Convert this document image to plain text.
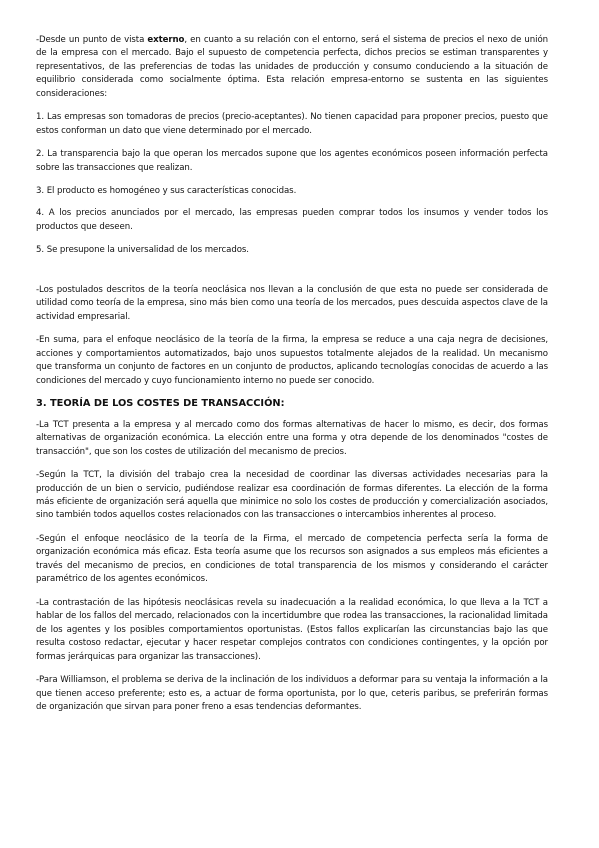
-Desde un punto de vista externo, en cuanto a su relación con el entorno, será el sistema de precios el nexo de unión de la empresa con el mercado. Bajo el supuesto de competencia perfecta, dichos precios se estiman transparentes y representativos, de las preferencias de todas las unidades de producción y consumo conduciendo a la situación de equilibrio considerada como socialmente óptima. Esta relación empresa-entorno se sustenta en las siguientes consideraciones:

1. Las empresas son tomadoras de precios (precio-aceptantes). No tienen capacidad para proponer precios, puesto que estos conforman un dato que viene determinado por el mercado.

2. La transparencia bajo la que operan los mercados supone que los agentes económicos poseen información perfecta sobre las transacciones que realizan.

3. El producto es homogéneo y sus características conocidas.

4. A los precios anunciados por el mercado, las empresas pueden comprar todos los insumos y vender todos los productos que deseen.

5. Se presupone la universalidad de los mercados.

-Los postulados descritos de la teoría neoclásica nos llevan a la conclusión de que esta no puede ser considerada de utilidad como teoría de la empresa, sino más bien como una teoría de los mercados, pues descuida aspectos clave de la actividad empresarial.

-En suma, para el enfoque neoclásico de la teoría de la firma, la empresa se reduce a una caja negra de decisiones, acciones y comportamientos automatizados, bajo unos supuestos totalmente alejados de la realidad. Un mecanismo que transforma un conjunto de factores en un conjunto de productos, aplicando tecnologías conocidas de acuerdo a las condiciones del mercado y cuyo funcionamiento interno no puede ser conocido.

3. TEORÍA DE LOS COSTES DE TRANSACCIÓN:

-La TCT presenta a la empresa y al mercado como dos formas alternativas de hacer lo mismo, es decir, dos formas alternativas de organización económica. La elección entre una forma y otra depende de los denominados "costes de transacción", que son los costes de utilización del mecanismo de precios.

-Según la TCT, la división del trabajo crea la necesidad de coordinar las diversas actividades necesarias para la producción de un bien o servicio, pudiéndose realizar esa coordinación de formas diferentes. La elección de la forma más eficiente de organización será aquella que minimice no solo los costes de producción y comercialización asociados, sino también todos aquellos costes relacionados con las transacciones o intercambios inherentes al proceso.

-Según el enfoque neoclásico de la teoría de la Firma, el mercado de competencia perfecta sería la forma de organización económica más eficaz. Esta teoría asume que los recursos son asignados a sus empleos más eficientes a través del mecanismo de precios, en condiciones de total transparencia de los mismos y considerando el carácter paramétrico de los agentes económicos.

-La contrastación de las hipótesis neoclásicas revela su inadecuación a la realidad económica, lo que lleva a la TCT a hablar de los fallos del mercado, relacionados con la incertidumbre que rodea las transacciones, la racionalidad limitada de los agentes y los posibles comportamientos oportunistas. (Estos fallos explicarían las circunstancias bajo las que resulta costoso redactar, ejecutar y hacer respetar complejos contratos con condiciones contingentes, y la opción por formas jerárquicas para organizar las transacciones).

-Para Williamson, el problema se deriva de la inclinación de los individuos a deformar para su ventaja la información a la que tienen acceso preferente; esto es, a actuar de forma oportunista, por lo que, ceteris paribus, se preferirán formas de organización que sirvan para poner freno a esas tendencias deformantes.
